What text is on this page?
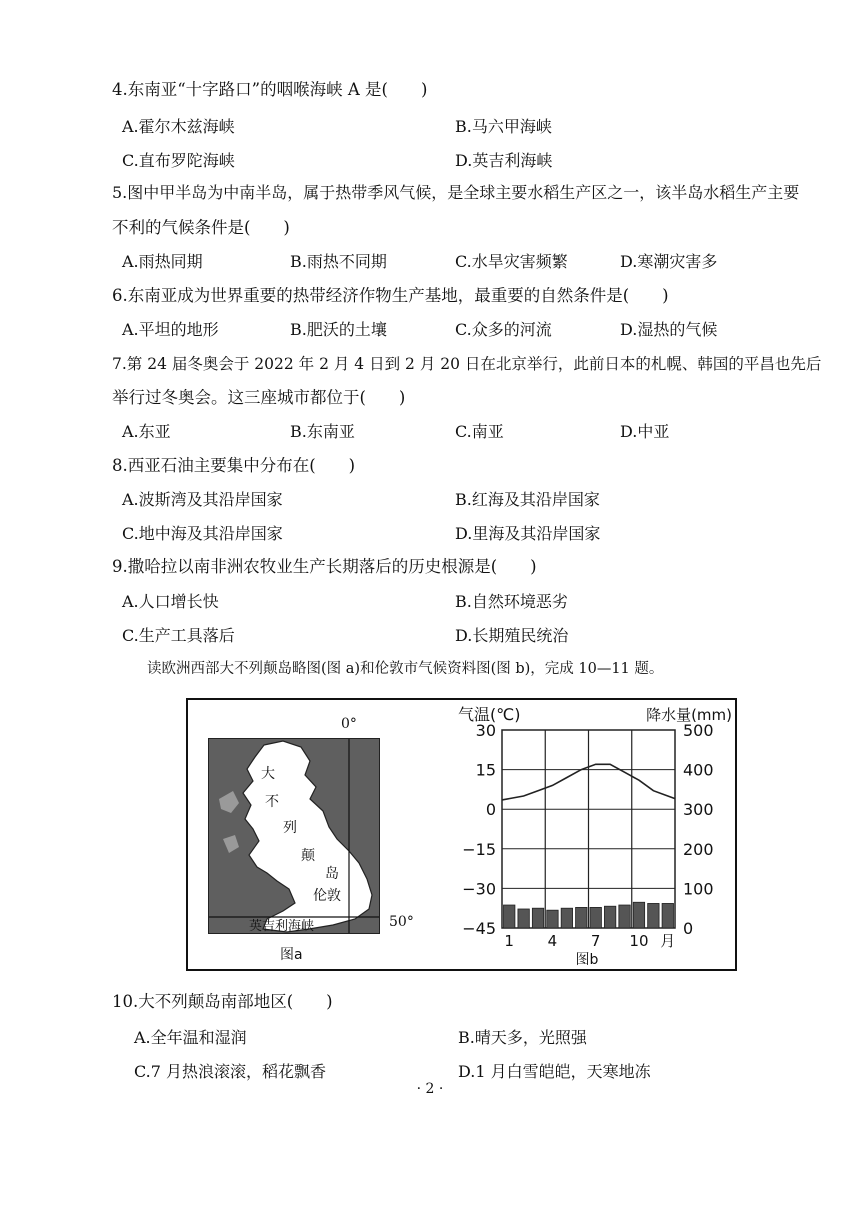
4.东南亚“十字路口”的咽喉海峡 A 是(　　)
A.霍尔木兹海峡	B.马六甲海峡
C.直布罗陀海峡	D.英吉利海峡
5.图中甲半岛为中南半岛，属于热带季风气候，是全球主要水稻生产区之一，该半岛水稻生产主要
不利的气候条件是(　　)
A.雨热同期	B.雨热不同期	C.水旱灾害频繁	D.寒潮灾害多
6.东南亚成为世界重要的热带经济作物生产基地，最重要的自然条件是(　　)
A.平坦的地形	B.肥沃的土壤	C.众多的河流	D.湿热的气候
7.第 24 届冬奥会于 2022 年 2 月 4 日到 2 月 20 日在北京举行，此前日本的札幌、韩国的平昌也先后
举行过冬奥会。这三座城市都位于(　　)
A.东亚	B.东南亚	C.南亚	D.中亚
8.西亚石油主要集中分布在(　　)
A.波斯湾及其沿岸国家	B.红海及其沿岸国家
C.地中海及其沿岸国家	D.里海及其沿岸国家
9.撒哈拉以南非洲农牧业生产长期落后的历史根源是(　　)
A.人口增长快	B.自然环境恶劣
C.生产工具落后	D.长期殖民统治
读欧洲西部大不列颠岛略图(图 a)和伦敦市气候资料图(图 b)，完成 10—11 题。
0°
大
不
列
颠
岛
伦敦
英吉利海峡	50°
图a
气温(℃)	降水量(mm)
30
15
0
−15
−30
−45
500
400
300
200
100
0
1 4 7 10 月
图b
10.大不列颠岛南部地区(　　)
A.全年温和湿润	B.晴天多，光照强
C.7 月热浪滚滚，稻花飘香	D.1 月白雪皑皑，天寒地冻
· 2 ·
